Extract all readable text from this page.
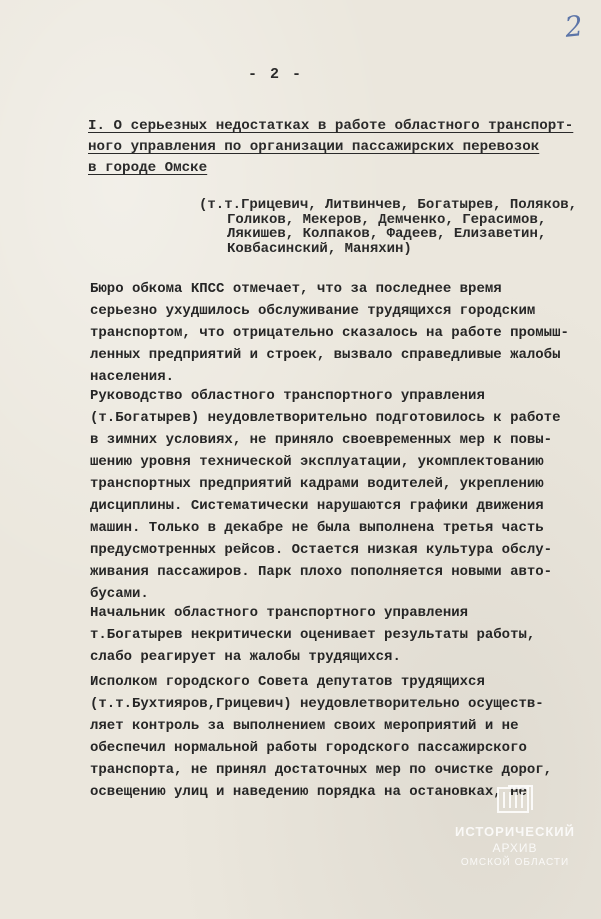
2
- 2 -
I. О серьезных недостатках в работе областного транспорт-
ного управления по организации пассажирских перевозок
в городе Омске
(т.т.Грицевич, Литвинчев, Богатырев, Поляков,
Голиков, Мекеров, Демченко, Герасимов,
Лякишев, Колпаков, Фадеев, Елизаветин,
Ковбасинский, Маняхин)
Бюро обкома КПСС отмечает, что за последнее время
серьезно ухудшилось обслуживание трудящихся городским
транспортом, что отрицательно сказалось на работе промыш-
ленных предприятий и строек, вызвало справедливые жалобы
населения.
Руководство областного транспортного управления
(т.Богатырев) неудовлетворительно подготовилось к работе
в зимних условиях, не приняло своевременных мер к повы-
шению уровня технической эксплуатации, укомплектованию
транспортных предприятий кадрами водителей, укреплению
дисциплины. Систематически нарушаются графики движения
машин. Только в декабре не была выполнена третья часть
предусмотренных рейсов. Остается низкая культура обслу-
живания пассажиров. Парк плохо пополняется новыми авто-
бусами.
Начальник областного транспортного управления
т.Богатырев некритически оценивает результаты работы,
слабо реагирует на жалобы трудящихся.
Исполком городского Совета депутатов трудящихся
(т.т.Бухтияров,Грицевич) неудовлетворительно осуществ-
ляет контроль за выполнением своих мероприятий и не
обеспечил нормальной работы городского пассажирского
транспорта, не принял достаточных мер по очистке дорог,
освещению улиц и наведению порядка на остановках, не
ИСТОРИЧЕСКИЙ
АРХИВ
ОМСКОЙ ОБЛАСТИ
